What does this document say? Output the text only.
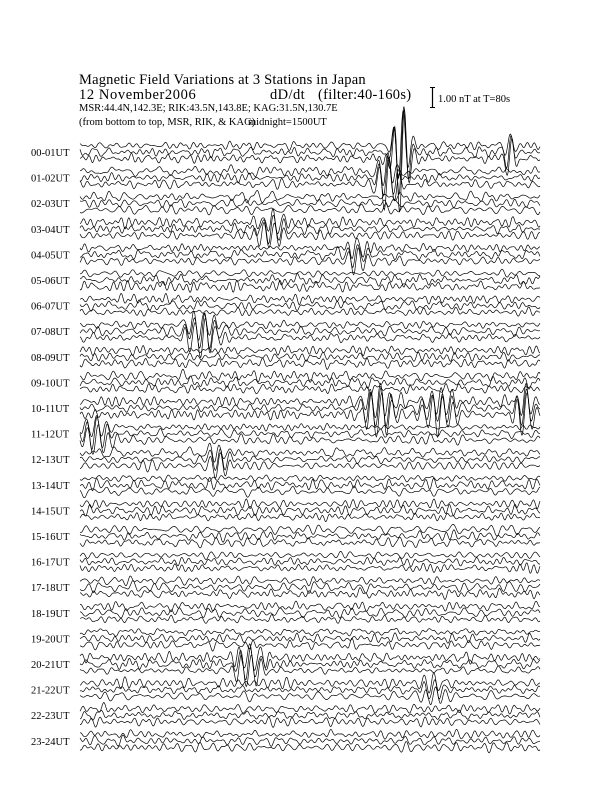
Magnetic Field Variations at 3 Stations in Japan
12 November2006	dD/dt (filter:40-160s)
MSR:44.4N,142.3E; RIK:43.5N,143.8E; KAG:31.5N,130.7E
(from bottom to top, MSR, RIK, & KAG)
midnight=1500UT
1.00 nT at T=80s
00-01UT
01-02UT
02-03UT
03-04UT
04-05UT
05-06UT
06-07UT
07-08UT
08-09UT
09-10UT
10-11UT
11-12UT
12-13UT
13-14UT
14-15UT
15-16UT
16-17UT
17-18UT
18-19UT
19-20UT
20-21UT
21-22UT
22-23UT
23-24UT
